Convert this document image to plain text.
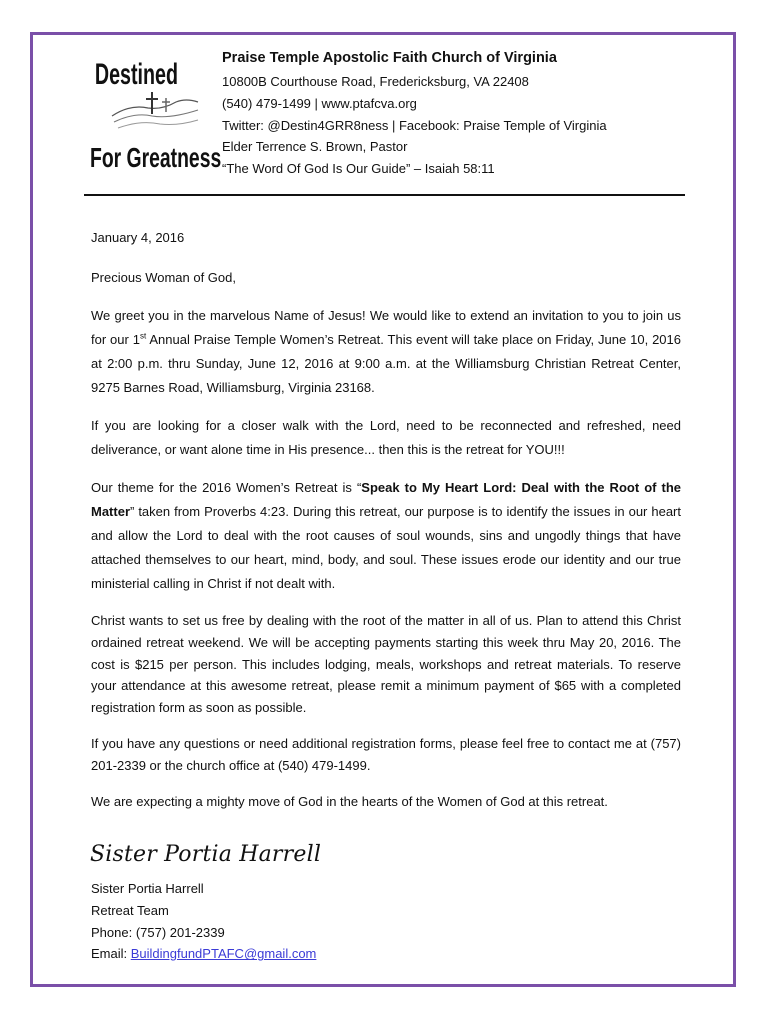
Destined
For Greatness
Praise Temple Apostolic Faith Church of Virginia
10800B Courthouse Road, Fredericksburg, VA 22408
(540) 479-1499 | www.ptafcva.org
Twitter: @Destin4GRR8ness | Facebook: Praise Temple of Virginia
Elder Terrence S. Brown, Pastor
“The Word Of God Is Our Guide” – Isaiah 58:11

January 4, 2016

Precious Woman of God,

We greet you in the marvelous Name of Jesus! We would like to extend an invitation to you to join us for our 1st Annual Praise Temple Women’s Retreat. This event will take place on Friday, June 10, 2016 at 2:00 p.m. thru Sunday, June 12, 2016 at 9:00 a.m. at the Williamsburg Christian Retreat Center, 9275 Barnes Road, Williamsburg, Virginia 23168.

If you are looking for a closer walk with the Lord, need to be reconnected and refreshed, need deliverance, or want alone time in His presence... then this is the retreat for YOU!!!

Our theme for the 2016 Women’s Retreat is “Speak to My Heart Lord: Deal with the Root of the Matter” taken from Proverbs 4:23. During this retreat, our purpose is to identify the issues in our heart and allow the Lord to deal with the root causes of soul wounds, sins and ungodly things that have attached themselves to our heart, mind, body, and soul. These issues erode our identity and our true ministerial calling in Christ if not dealt with.

Christ wants to set us free by dealing with the root of the matter in all of us. Plan to attend this Christ ordained retreat weekend. We will be accepting payments starting this week thru May 20, 2016. The cost is $215 per person. This includes lodging, meals, workshops and retreat materials. To reserve your attendance at this awesome retreat, please remit a minimum payment of $65 with a completed registration form as soon as possible.

If you have any questions or need additional registration forms, please feel free to contact me at (757) 201-2339 or the church office at (540) 479-1499.

We are expecting a mighty move of God in the hearts of the Women of God at this retreat.

Sister Portia Harrell
Sister Portia Harrell
Retreat Team
Phone: (757) 201-2339
Email: BuildingfundPTAFC@gmail.com
